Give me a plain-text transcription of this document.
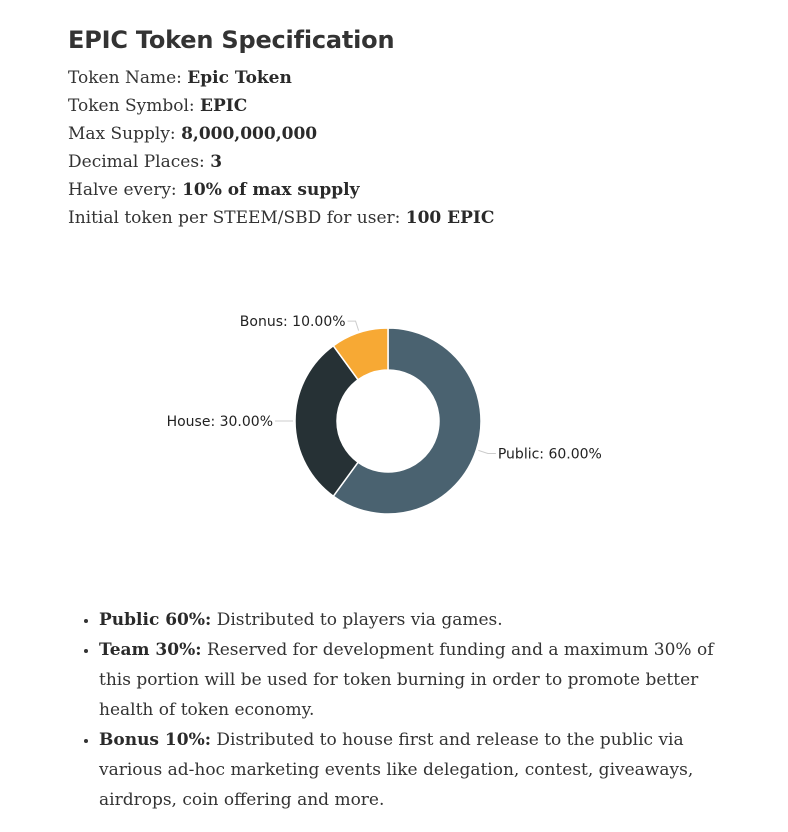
EPIC Token Specification
Token Name: Epic Token
Token Symbol: EPIC
Max Supply: 8,000,000,000
Decimal Places: 3
Halve every: 10% of max supply
Initial token per STEEM/SBD for user: 100 EPIC
Public: 60.00%
House: 30.00%
Bonus: 10.00%
• Public 60%: Distributed to players via games.
• Team 30%: Reserved for development funding and a maximum 30% of this portion will be used for token burning in order to promote better health of token economy.
• Bonus 10%: Distributed to house first and release to the public via various ad-hoc marketing events like delegation, contest, giveaways, airdrops, coin offering and more.
